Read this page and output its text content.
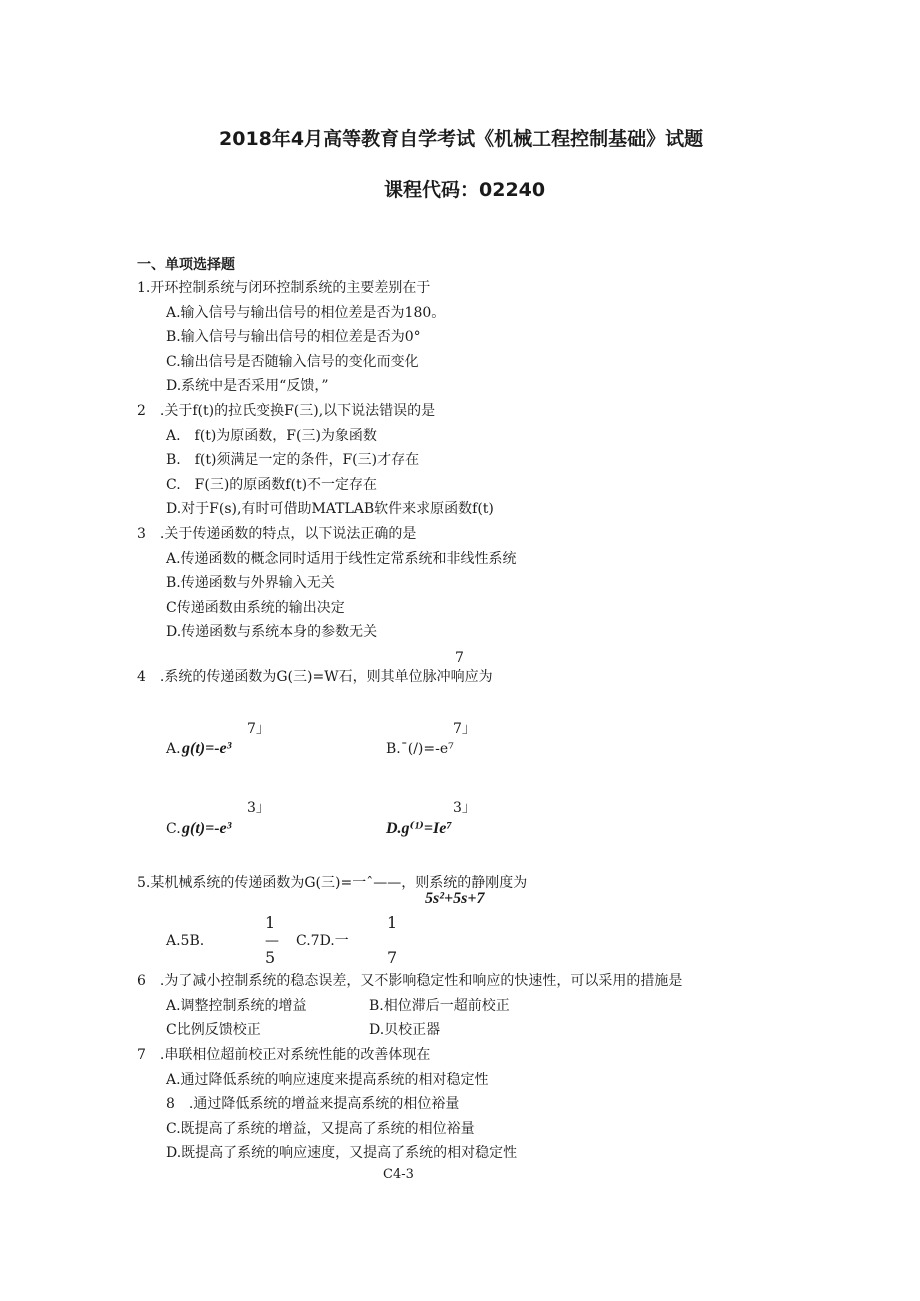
2018年4月高等教育自学考试《机械工程控制基础》试题
课程代码：02240
一、单项选择题
1.开环控制系统与闭环控制系统的主要差别在于
A.输入信号与输出信号的相位差是否为180。
B.输入信号与输出信号的相位差是否为0°
C.输出信号是否随输入信号的变化而变化
D.系统中是否采用“反馈，”
2　.关于f(t)的拉氏变换F(三),以下说法错误的是
A.　f(t)为原函数，F(三)为象函数
B.　f(t)须满足一定的条件，F(三)才存在
C.　F(三)的原函数f(t)不一定存在
D.对于F(s),有时可借助MATLAB软件来求原函数f(t)
3　.关于传递函数的特点，以下说法正确的是
A.传递函数的概念同时适用于线性定常系统和非线性系统
B.传递函数与外界输入无关
C传递函数由系统的输出决定
D.传递函数与系统本身的参数无关
7
4　.系统的传递函数为G(三)=W石，则其单位脉冲响应为
7」
A. g(t)=-e³
7」
B.ˉ(/)=-e⁷
3」
C. g(t)=-e³
3」
D.g⁽¹⁾=Ie⁷
5.某机械系统的传递函数为G(三)=一ˆ——，则系统的静刚度为
5s²+5s+7
1	1
A.5B.	— C.7D.一
5	7
6　.为了减小控制系统的稳态误差，又不影响稳定性和响应的快速性，可以采用的措施是
A.调整控制系统的增益	B.相位滞后一超前校正
C比例反馈校正	D.贝校正器
7　.串联相位超前校正对系统性能的改善体现在
A.通过降低系统的响应速度来提高系统的相对稳定性
8　.通过降低系统的增益来提高系统的相位裕量
C.既提高了系统的增益，又提高了系统的相位裕量
D.既提高了系统的响应速度，又提高了系统的相对稳定性
C4-3
